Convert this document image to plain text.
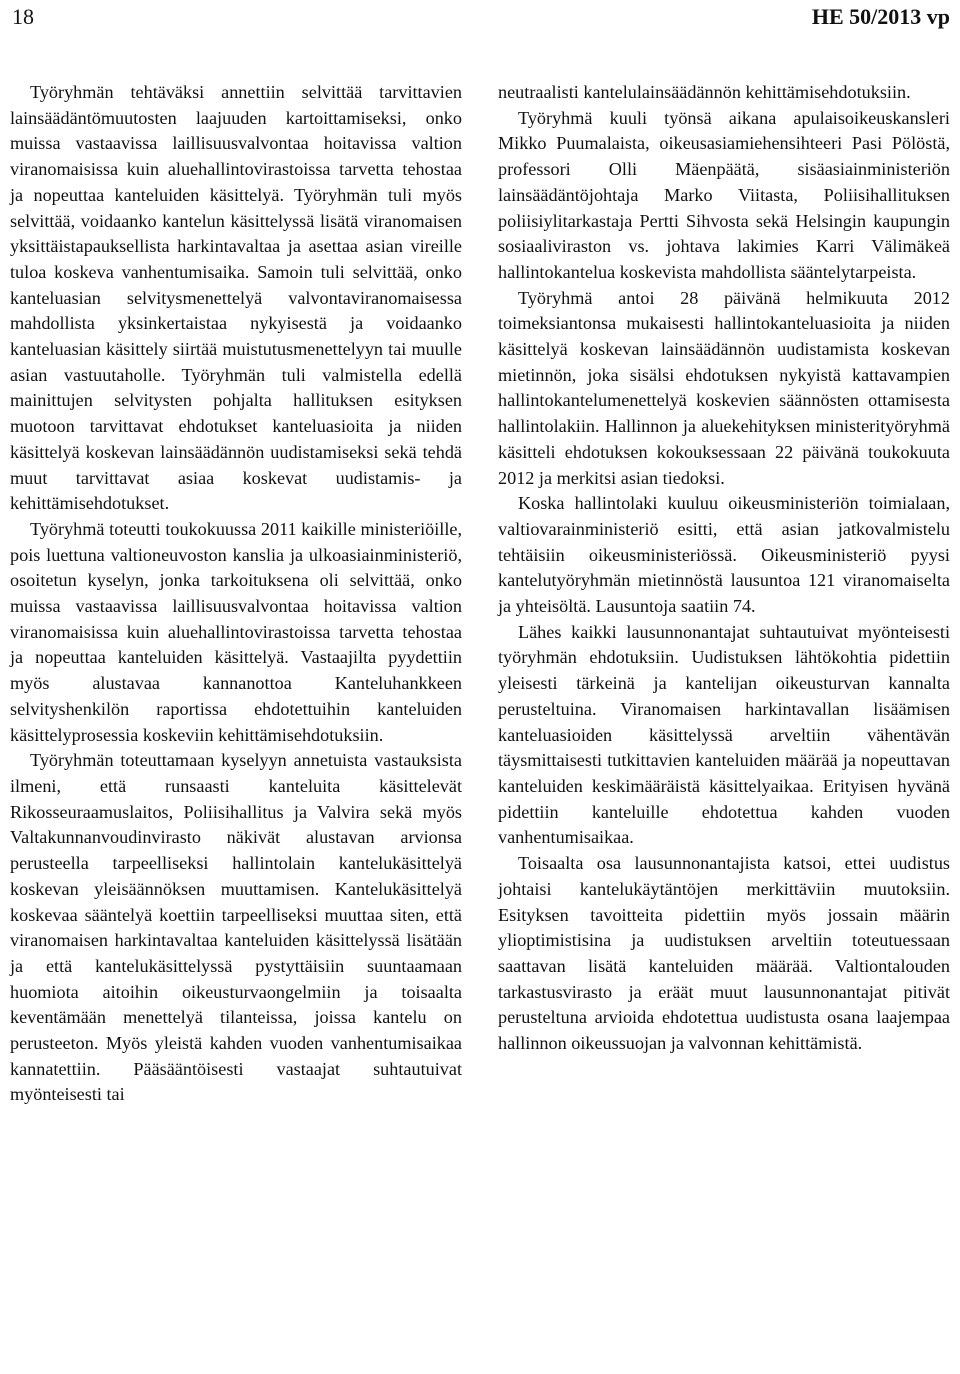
18	HE 50/2013 vp

Työryhmän tehtäväksi annettiin selvittää tarvittavien lainsäädäntömuutosten laajuuden kartoittamiseksi, onko muissa vastaavissa laillisuusvalvontaa hoitavissa valtion viranomaisissa kuin aluehallintovirastoissa tarvetta tehostaa ja nopeuttaa kanteluiden käsittelyä. Työryhmän tuli myös selvittää, voidaanko kantelun käsittelyssä lisätä viranomaisen yksittäistapauksellista harkintavaltaa ja asettaa asian vireille tuloa koskeva vanhentumisaika. Samoin tuli selvittää, onko kanteluasian selvitysmenettelyä valvontaviranomaisessa mahdollista yksinkertaistaa nykyisestä ja voidaanko kanteluasian käsittely siirtää muistutusmenettelyyn tai muulle asian vastuutaholle. Työryhmän tuli valmistella edellä mainittujen selvitysten pohjalta hallituksen esityksen muotoon tarvittavat ehdotukset kanteluasioita ja niiden käsittelyä koskevan lainsäädännön uudistamiseksi sekä tehdä muut tarvittavat asiaa koskevat uudistamis- ja kehittämisehdotukset.

Työryhmä toteutti toukokuussa 2011 kaikille ministeriöille, pois luettuna valtioneuvoston kanslia ja ulkoasiainministeriö, osoitetun kyselyn, jonka tarkoituksena oli selvittää, onko muissa vastaavissa laillisuusvalvontaa hoitavissa valtion viranomaisissa kuin aluehallintovirastoissa tarvetta tehostaa ja nopeuttaa kanteluiden käsittelyä. Vastaajilta pyydettiin myös alustavaa kannanottoa Kanteluhankkeen selvityshenkilön raportissa ehdotettuihin kanteluiden käsittelyprosessia koskeviin kehittämisehdotuksiin.

Työryhmän toteuttamaan kyselyyn annetuista vastauksista ilmeni, että runsaasti kanteluita käsittelevät Rikosseuraamuslaitos, Poliisihallitus ja Valvira sekä myös Valtakunnanvoudinvirasto näkivät alustavan arvionsa perusteella tarpeelliseksi hallintolain kantelukäsittelyä koskevan yleisäännöksen muuttamisen. Kantelukäsittelyä koskevaa sääntelyä koettiin tarpeelliseksi muuttaa siten, että viranomaisen harkintavaltaa kanteluiden käsittelyssä lisätään ja että kantelukäsittelyssä pystyttäisiin suuntaamaan huomiota aitoihin oikeusturvaongelmiin ja toisaalta keventämään menettelyä tilanteissa, joissa kantelu on perusteeton. Myös yleistä kahden vuoden vanhentumisaikaa kannatettiin. Pääsääntöisesti vastaajat suhtautuivat myönteisesti tai

neutraalisti kantelulainsäädännön kehittämisehdotuksiin.

Työryhmä kuuli työnsä aikana apulaisoikeuskansleri Mikko Puumalaista, oikeusasiamiehensihteeri Pasi Pölöstä, professori Olli Mäenpäätä, sisäasiainministeriön lainsäädäntöjohtaja Marko Viitasta, Poliisihallituksen poliisiylitarkastaja Pertti Sihvosta sekä Helsingin kaupungin sosiaaliviraston vs. johtava lakimies Karri Välimäkeä hallintokantelua koskevista mahdollista sääntelytarpeista.

Työryhmä antoi 28 päivänä helmikuuta 2012 toimeksiantonsa mukaisesti hallintokanteluasioita ja niiden käsittelyä koskevan lainsäädännön uudistamista koskevan mietinnön, joka sisälsi ehdotuksen nykyistä kattavampien hallintokantelumenettelyä koskevien säännösten ottamisesta hallintolakiin. Hallinnon ja aluekehityksen ministerityöryhmä käsitteli ehdotuksen kokouksessaan 22 päivänä toukokuuta 2012 ja merkitsi asian tiedoksi.

Koska hallintolaki kuuluu oikeusministeriön toimialaan, valtiovarainministeriö esitti, että asian jatkovalmistelu tehtäisiin oikeusministeriössä. Oikeusministeriö pyysi kantelutyöryhmän mietinnöstä lausuntoa 121 viranomaiselta ja yhteisöltä. Lausuntoja saatiin 74.

Lähes kaikki lausunnonantajat suhtautuivat myönteisesti työryhmän ehdotuksiin. Uudistuksen lähtökohtia pidettiin yleisesti tärkeinä ja kantelijan oikeusturvan kannalta perusteltuina. Viranomaisen harkintavallan lisäämisen kanteluasioiden käsittelyssä arveltiin vähentävän täysmittaisesti tutkittavien kanteluiden määrää ja nopeuttavan kanteluiden keskimääräistä käsittelyaikaa. Erityisen hyvänä pidettiin kanteluille ehdotettua kahden vuoden vanhentumisaikaa.

Toisaalta osa lausunnonantajista katsoi, ettei uudistus johtaisi kantelukäytäntöjen merkittäviin muutoksiin. Esityksen tavoitteita pidettiin myös jossain määrin ylioptimistisina ja uudistuksen arveltiin toteutuessaan saattavan lisätä kanteluiden määrää. Valtiontalouden tarkastusvirasto ja eräät muut lausunnonantajat pitivät perusteltuna arvioida ehdotettua uudistusta osana laajempaa hallinnon oikeussuojan ja valvonnan kehittämistä.
